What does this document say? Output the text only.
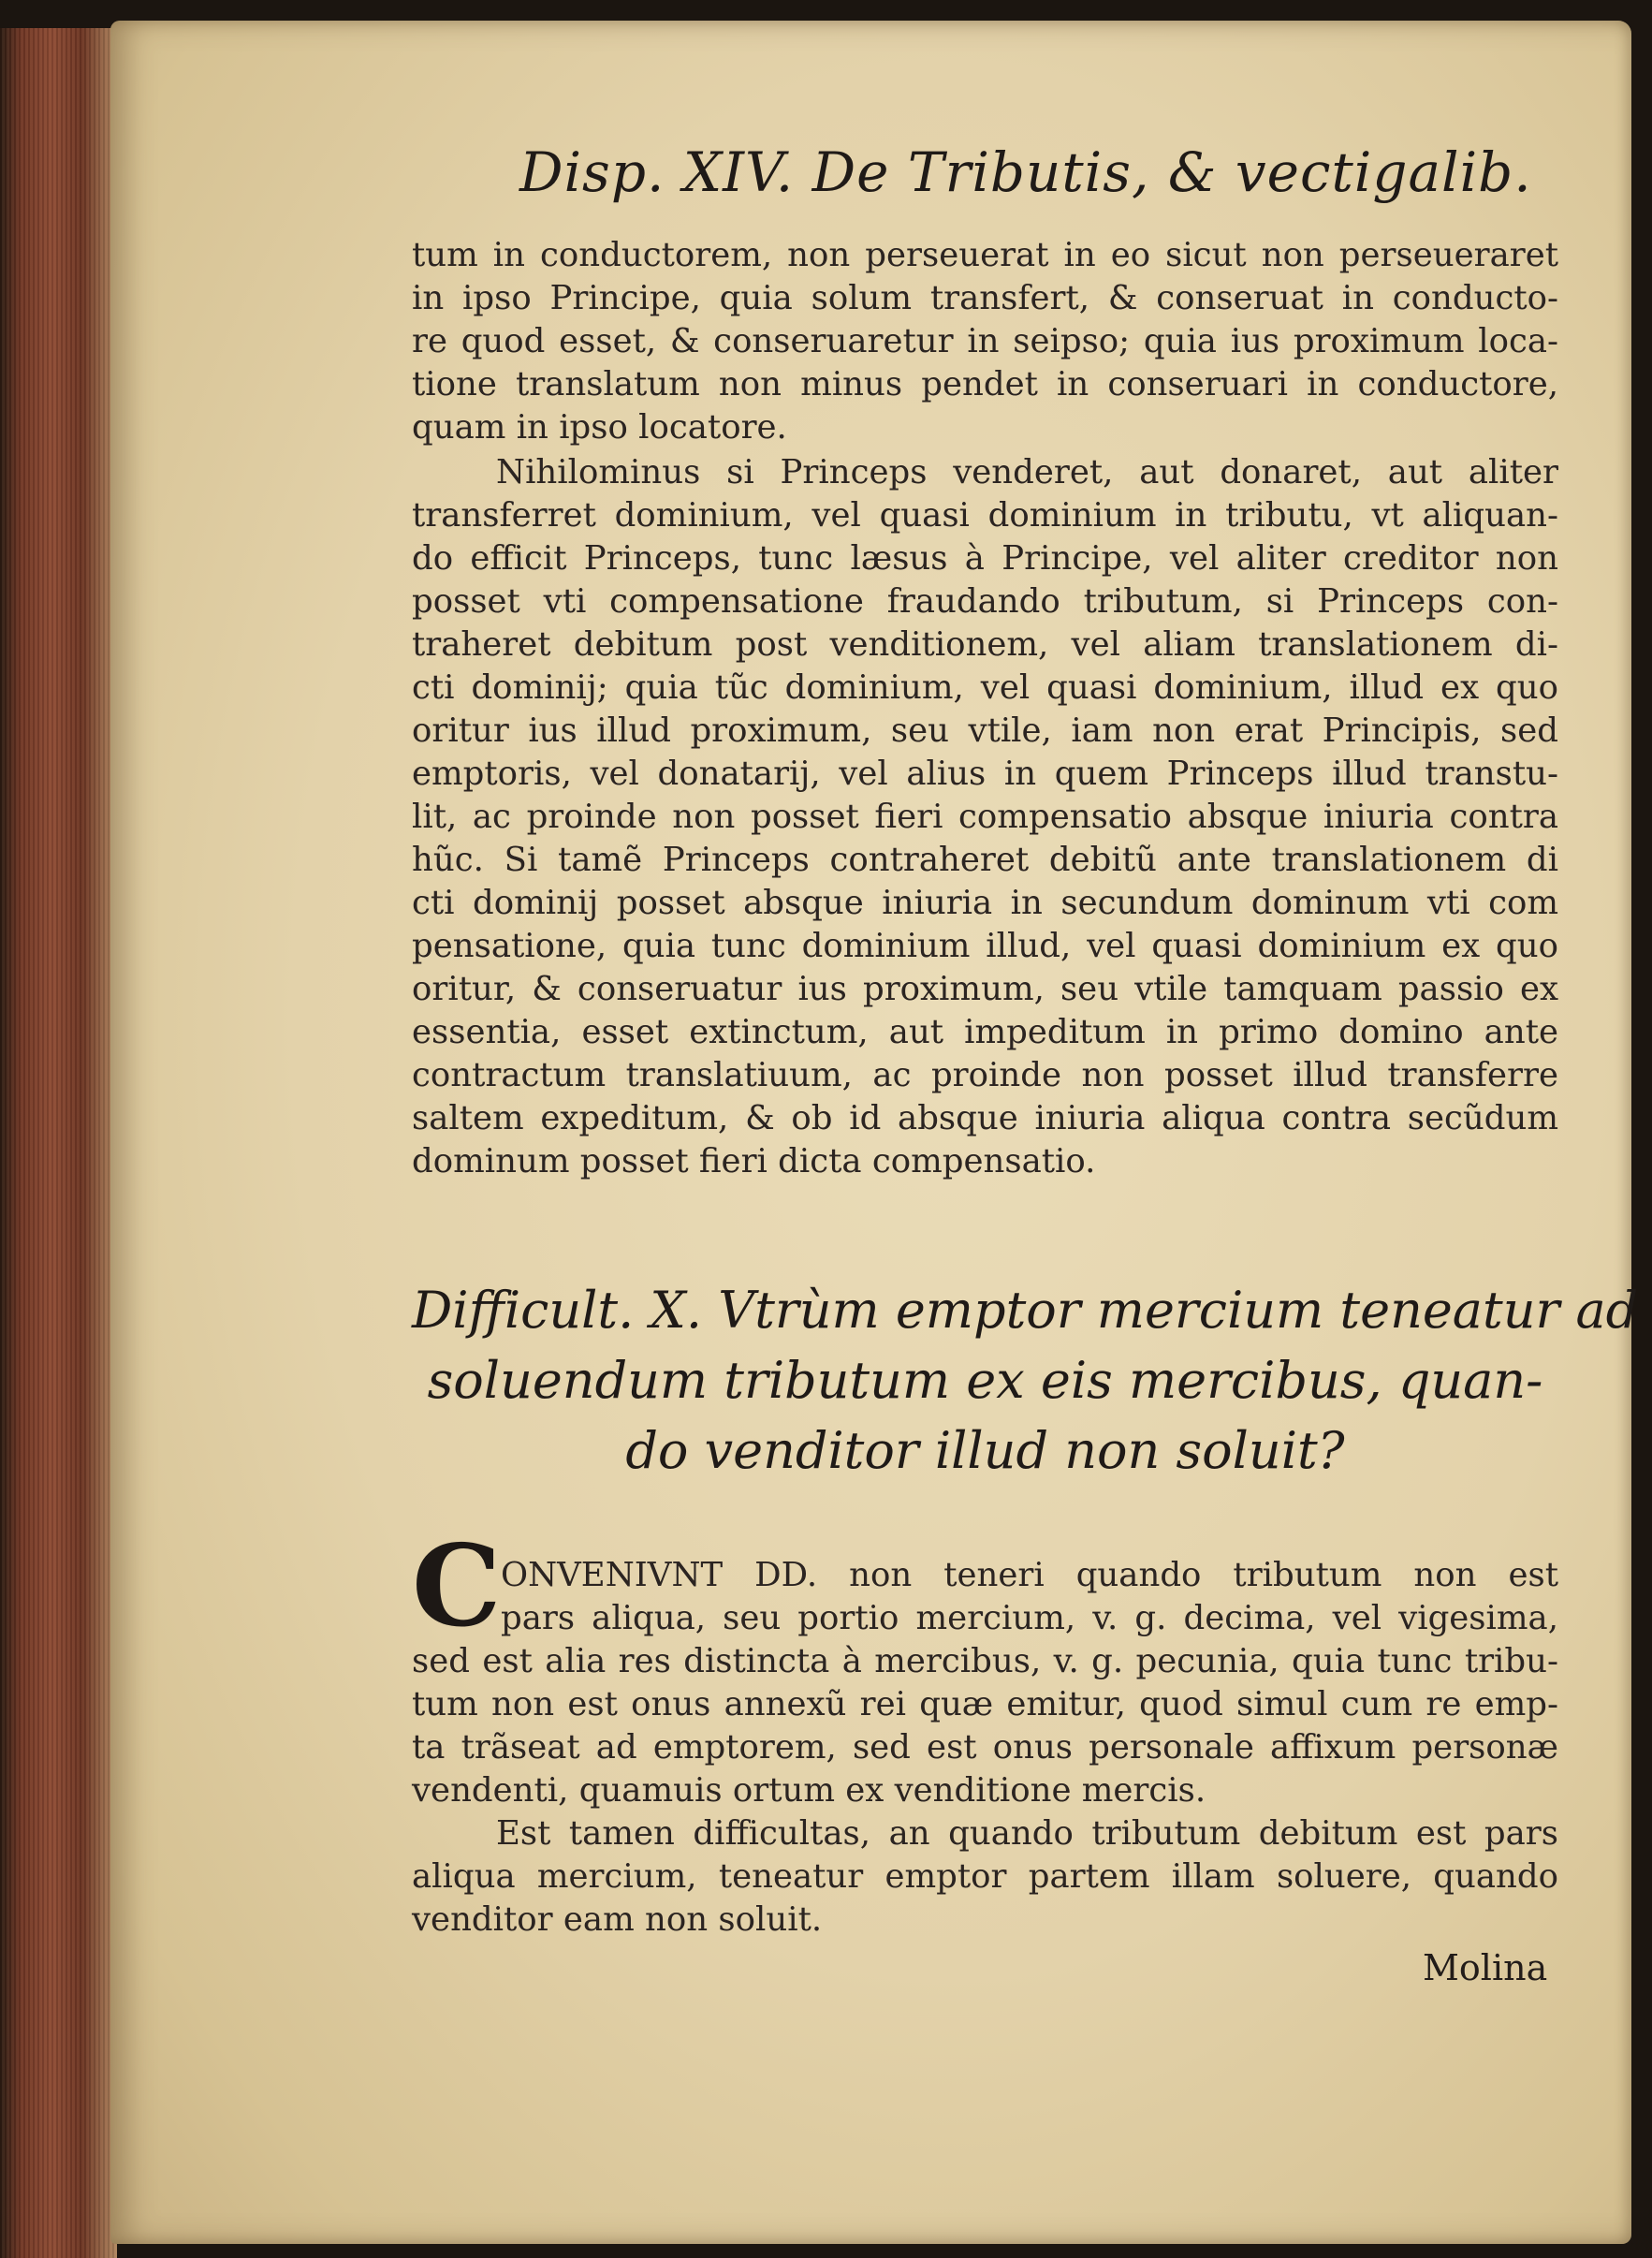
Disp. XIV. De Tributis, & vectigalib.
tum in conductorem, non perseuerat in eo sicut non perseueraret
in ipso Principe, quia solum transfert, & conseruat in conducto-
re quod esset, & conseruaretur in seipso; quia ius proximum loca-
tione translatum non minus pendet in conseruari in conductore,
quam in ipso locatore.
Nihilominus si Princeps venderet, aut donaret, aut aliter
transferret dominium, vel quasi dominium in tributu, vt aliquan-
do efficit Princeps, tunc læsus à Principe, vel aliter creditor non
posset vti compensatione fraudando tributum, si Princeps con-
traheret debitum post venditionem, vel aliam translationem di-
cti dominij; quia tũc dominium, vel quasi dominium, illud ex quo
oritur ius illud proximum, seu vtile, iam non erat Principis, sed
emptoris, vel donatarij, vel alius in quem Princeps illud transtu-
lit, ac proinde non posset fieri compensatio absque iniuria contra
hũc. Si tamẽ Princeps contraheret debitũ ante translationem di
cti dominij posset absque iniuria in secundum dominum vti com
pensatione, quia tunc dominium illud, vel quasi dominium ex quo
oritur, & conseruatur ius proximum, seu vtile tamquam passio ex
essentia, esset extinctum, aut impeditum in primo domino ante
contractum translatiuum, ac proinde non posset illud transferre
saltem expeditum, & ob id absque iniuria aliqua contra secũdum
dominum posset fieri dicta compensatio.
Difficult. X. Vtrùm emptor mercium teneatur ad
soluendum tributum ex eis mercibus, quan-
do venditor illud non soluit?
C ONVENIVNT DD. non teneri quando tributum non est
pars aliqua, seu portio mercium, v. g. decima, vel vigesima,
sed est alia res distincta à mercibus, v. g. pecunia, quia tunc tribu-
tum non est onus annexũ rei quæ emitur, quod simul cum re emp-
ta trãseat ad emptorem, sed est onus personale affixum personæ
vendenti, quamuis ortum ex venditione mercis.
Est tamen difficultas, an quando tributum debitum est pars
aliqua mercium, teneatur emptor partem illam soluere, quando
venditor eam non soluit.
Molina
